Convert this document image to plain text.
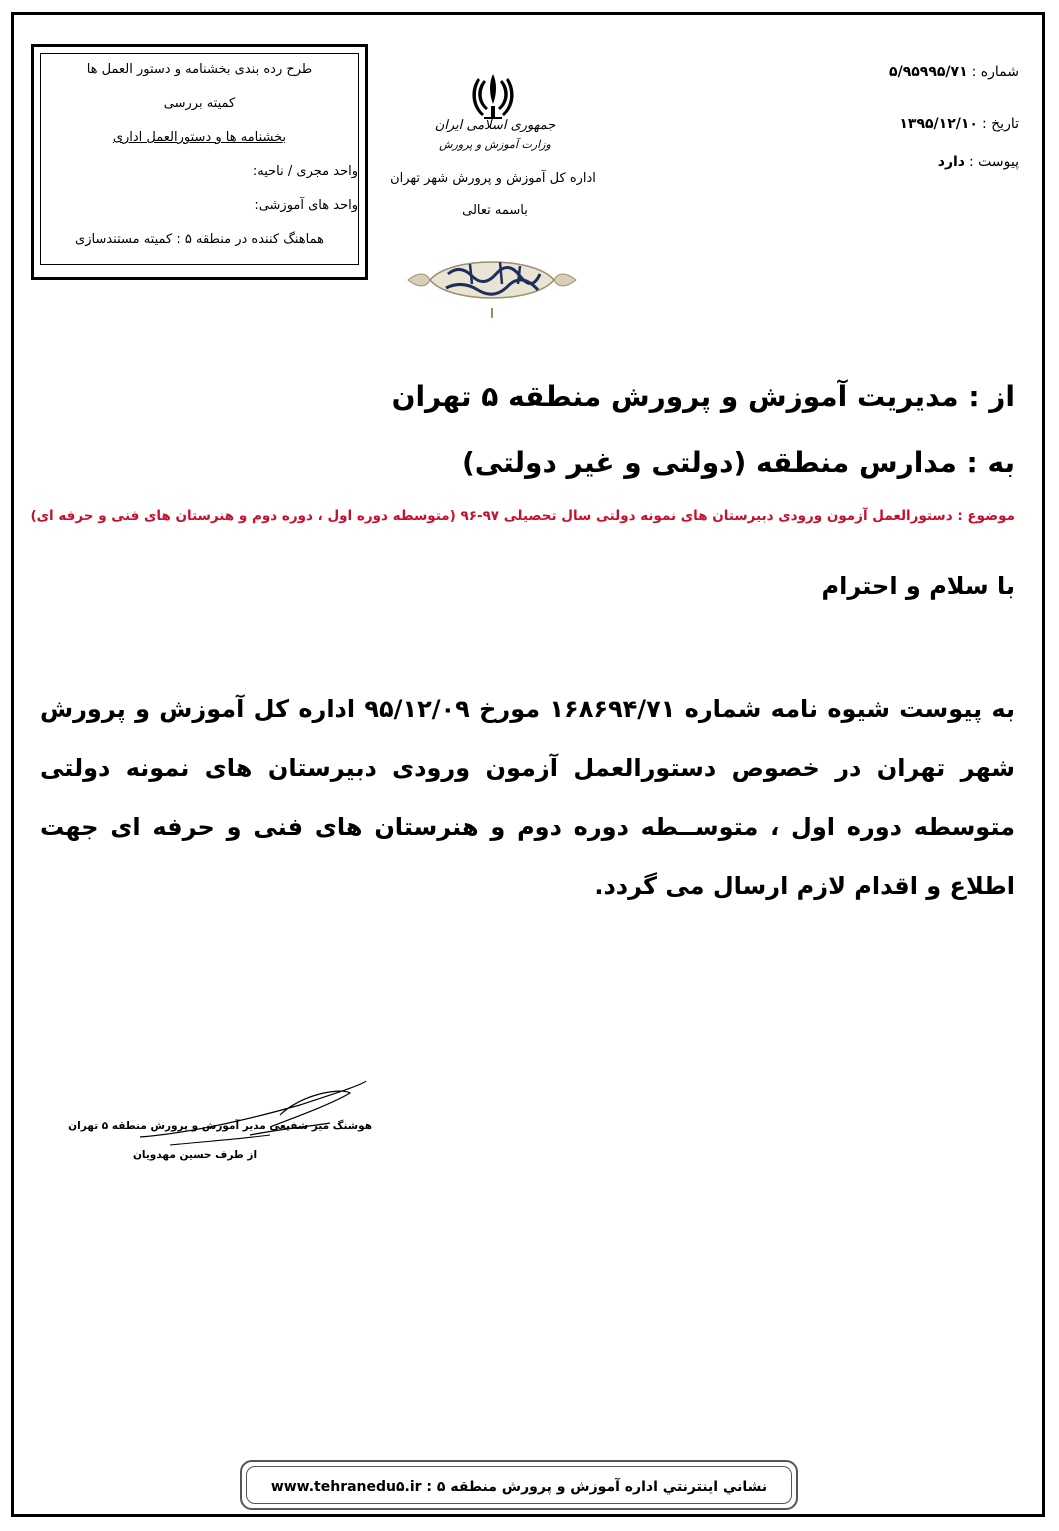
طرح رده بندی بخشنامه و دستور العمل ها
کمیته بررسی
بخشنامه ها و دستورالعمل اداری
واحد مجری / ناحیه:
واحد های آموزشی:
هماهنگ کننده در منطقه ۵ : کمیته مستندسازی
جمهوری اسلامی ایران
وزارت آموزش و پرورش
اداره کل آموزش و پرورش شهر تهران
باسمه تعالی
شماره :۵/۹۵۹۹۵/۷۱
تاریخ :۱۳۹۵/۱۲/۱۰
پیوست :دارد
از : مدیریت آموزش و پرورش منطقه ۵ تهران
به : مدارس منطقه (دولتی و غیر دولتی)
موضوع : دستورالعمل آزمون ورودی دبیرستان های نمونه دولتی سال تحصیلی ۹۷-۹۶ (متوسطه دوره اول ، دوره دوم و هنرستان های فنی و حرفه ای)
با سلام و احترام
به پیوست شیوه نامه شماره ۱۶۸۶۹۴/۷۱ مورخ ۹۵/۱۲/۰۹ اداره کل آموزش و پرورش شهر تهران در خصوص دستورالعمل آزمون ورودی دبیرستان های نمونه دولتی متوسطه دوره اول ، متوســطه دوره دوم و هنرستان های فنی و حرفه ای جهت اطلاع و اقدام لازم ارسال می گردد.
هوشنگ میر شفیعی مدیر آموزش و پرورش منطقه ۵ تهران
از طرف حسین مهدویان
نشاني اينترنتي اداره آموزش و پرورش منطقه ۵ : www.tehranedu۵.ir
